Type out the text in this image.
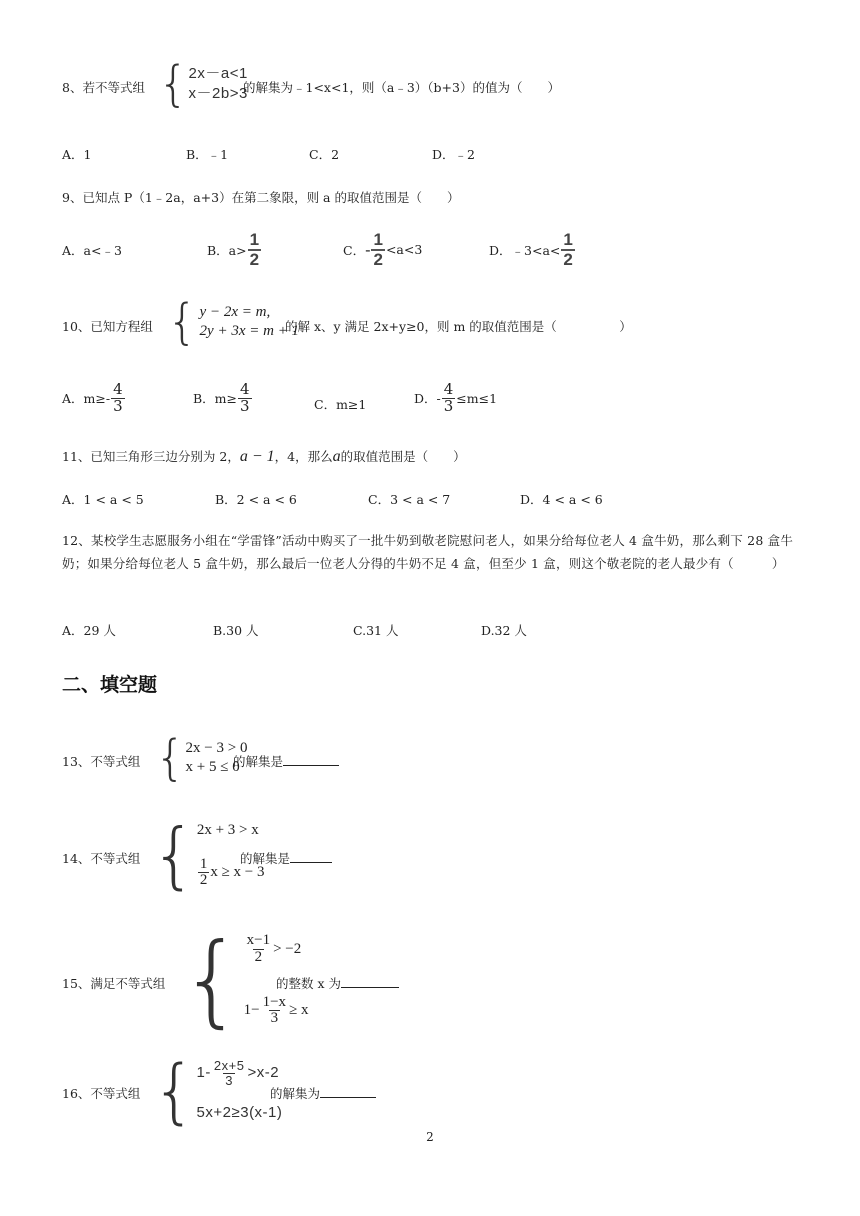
8、若不等式组 { 2x－a<1
x－2b>3
的解集为﹣1<x<1，则（a﹣3）（b+3）的值为（　　）
A．1	B．﹣1	C．2	D．﹣2
9、已知点 P（1﹣2a，a+3）在第二象限，则 a 的取值范围是（　　）
A．a<﹣3	B．$a> \frac{1}{2}$	C． - $\frac{1}{2} <a<3$	D．﹣3<a< $\frac{1}{2}$
10、已知方程组 { y − 2x = m,
2y + 3x = m + 1
的解 x、y 满足 2x+y≥0，则 m 的取值范围是（　　　　　）
A．$m\ge- \frac{4}{3}$	B．$m\ge \frac{4}{3}$	C．m≥1	D．- $\frac{4}{3} \le m\le 1$
11、已知三角形三边分别为 2，a − 1，4，那么a的取值范围是（　　）
A．1 < a < 5	B．2 < a < 6	C．3 < a < 7	D．4 < a < 6
12、某校学生志愿服务小组在“学雷锋”活动中购买了一批牛奶到敬老院慰问老人，如果分给每位老人 4 盒牛奶，那么剩下 28 盒牛奶；如果分给每位老人 5 盒牛奶，那么最后一位老人分得的牛奶不足 4 盒，但至少 1 盒，则这个敬老院的老人最少有（　　　）
A．29 人	B.30 人	C.31 人	D.32 人
二、填空题
13、不等式组 { 2x − 3 > 0
x + 5 ≤ 0
的解集是
14、不等式组 { 2x + 3 > x
$\frac{1}{2}$ x ≥ x − 3
的解集是
15、满足不等式组 { $\frac{x-1}{2} > -2$
$1- \frac{1-x}{3} \ge x$
的整数 x 为
16、不等式组 { $1- \frac{2x+5}{3} >x-2$
5x+2≥3(x-1)
的解集为
2
